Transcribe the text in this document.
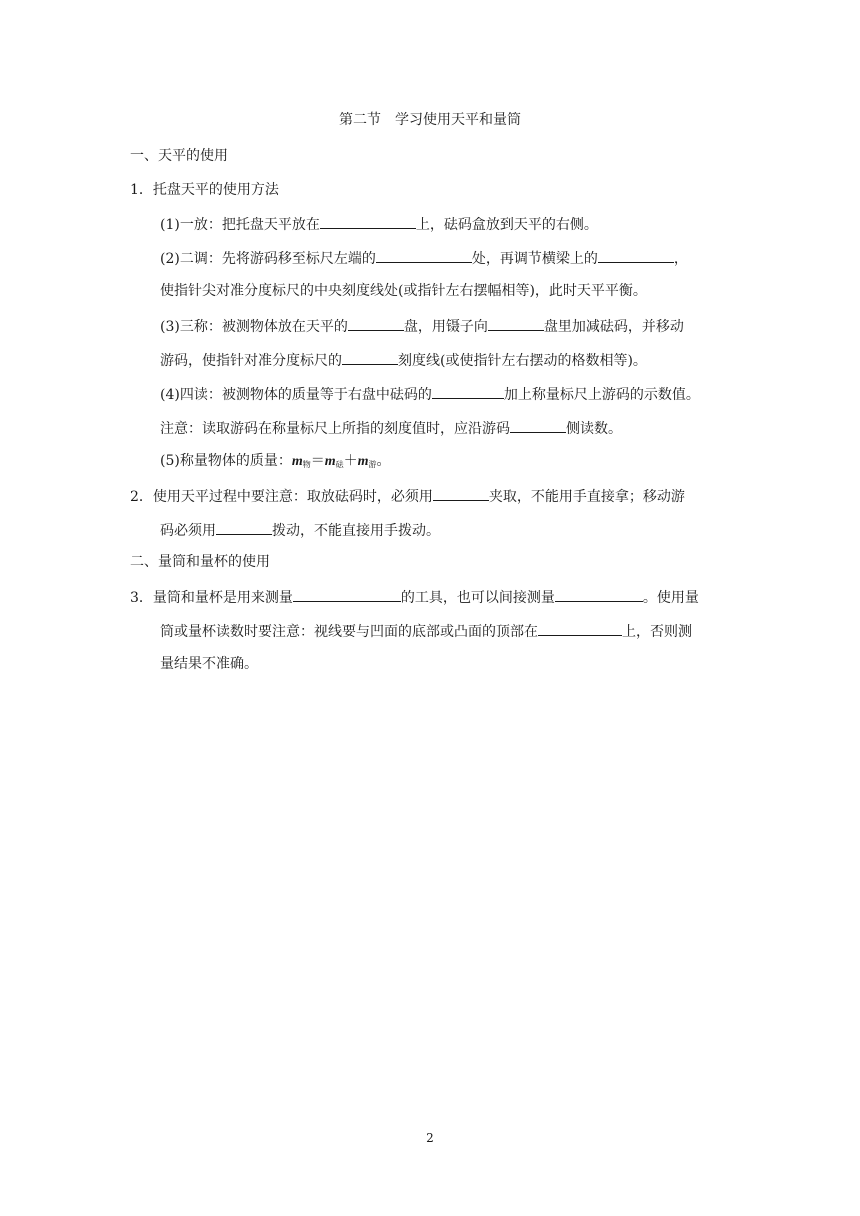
第二节　学习使用天平和量筒
一、天平的使用
1．托盘天平的使用方法
(1)一放：把托盘天平放在	上，砝码盒放到天平的右侧。
(2)二调：先将游码移至标尺左端的	处，再调节横梁上的	，
使指针尖对准分度标尺的中央刻度线处(或指针左右摆幅相等)，此时天平平衡。
(3)三称：被测物体放在天平的	盘，用镊子向	盘里加减砝码，并移动
游码，使指针对准分度标尺的	刻度线(或使指针左右摆动的格数相等)。
(4)四读：被测物体的质量等于右盘中砝码的	加上称量标尺上游码的示数值。
注意：读取游码在称量标尺上所指的刻度值时，应沿游码	侧读数。
(5)称量物体的质量：$m_物=m_砝+m_游$。
2．使用天平过程中要注意：取放砝码时，必须用	夹取，不能用手直接拿；移动游
码必须用	拨动，不能直接用手拨动。
二、量筒和量杯的使用
3．量筒和量杯是用来测量	的工具，也可以间接测量	。使用量
筒或量杯读数时要注意：视线要与凹面的底部或凸面的顶部在	上，否则测
量结果不准确。
2
